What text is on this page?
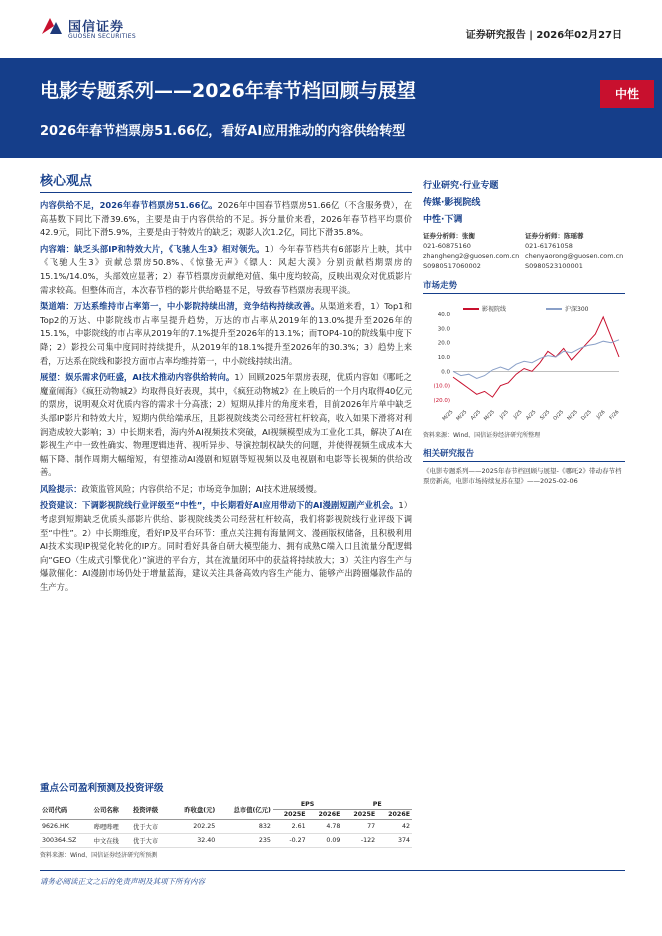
国信证券
GUOSEN SECURITIES	证券研究报告 | 2026年02月27日
电影专题系列——2026年春节档回顾与展望
2026年春节档票房51.66亿，看好AI应用推动的内容供给转型
中性
核心观点

内容供给不足，2026年春节档票房51.66亿。2026年中国春节档票房51.66亿（不含服务费），在高基数下同比下滑39.6%，主要是由于内容供给的不足。拆分量价来看，2026年春节档平均票价42.9元，同比下滑5.9%，主要是由于特效片的缺乏；观影人次1.2亿，同比下滑35.8%。

内容端：缺乏头部IP和特效大片，《飞驰人生3》相对领先。1）今年春节档共有6部影片上映，其中《飞驰人生3》贡献总票房50.8%、《惊蛰无声》《镖人：风起大漠》分别贡献档期票房的15.1%/14.0%，头部效应显著；2）春节档票房贡献绝对值、集中度均较高，反映出观众对优质影片需求较高。但整体而言，本次春节档的影片供给略显不足，导致春节档票房表现平淡。

渠道端：万达系维持市占率第一，中小影院持续出清，竞争结构持续改善。从渠道来看，1）Top1和Top2的万达、中影院线市占率呈提升趋势，万达的市占率从2019年的13.0%提升至2026年的15.1%，中影院线的市占率从2019年的7.1%提升至2026年的13.1%；而TOP4-10的院线集中度下降；2）影投公司集中度同时持续提升，从2019年的18.1%提升至2026年的30.3%；3）趋势上来看，万达系在院线和影投方面市占率均维持第一，中小院线持续出清。

展望：娱乐需求仍旺盛，AI技术推动内容供给转向。1）回顾2025年票房表现，优质内容如《哪吒之魔童闹海》《疯狂动物城2》均取得良好表现，其中，《疯狂动物城2》在上映后的一个月内取得40亿元的票房，说明观众对优质内容的需求十分高涨；2）短期从排片的角度来看，目前2026年片单中缺乏头部IP影片和特效大片，短期内供给端承压，且影视院线类公司经营杠杆较高，收入如果下滑将对利润造成较大影响；3）中长期来看，海内外AI视频技术突破，AI视频模型成为工业化工具，解决了AI在影视生产中一致性确实、物理逻辑违背、视听异步、导演控制权缺失的问题，并使得视频生成成本大幅下降、制作周期大幅缩短，有望推动AI漫剧和短剧等短视频以及电视剧和电影等长视频的供给改善。

风险提示：政策监管风险；内容供给不足；市场竞争加剧；AI技术进展缓慢。

投资建议：下调影视院线行业评级至“中性”，中长期看好AI应用带动下的AI漫剧短剧产业机会。1）考虑到短期缺乏优质头部影片供给、影视院线类公司经营杠杆较高，我们将影视院线行业评级下调至“中性”。2）中长期维度，看好IP及平台环节：重点关注拥有海量网文、漫画版权储备，且积极利用AI技术实现IP视觉化转化的IP方。同时看好具备自研大模型能力、拥有成熟C端入口且流量分配逻辑向“GEO（生成式引擎优化）”演进的平台方，其在流量闭环中的获益将持续放大；3）关注内容生产与爆款催化：AI漫剧市场仍处于增量蓝海，建议关注具备高效内容生产能力、能够产出跨圈爆款作品的生产方。

行业研究·行业专题
传媒·影视院线
中性·下调
证券分析师：张衡
021-60875160
zhangheng2@guosen.com.cn
S0980517060002
证券分析师：陈瑶蓉
021-61761058
chenyaorong@guosen.com.cn
S0980523100001
市场走势
影视院线	沪深300
40.0
30.0
20.0
10.0
0.0
(10.0)
(20.0)
M/25 M/25 A/25 M/25 J/25 J/25 A/25 S/25 O/25 N/25 D/25 J/26 F/26
资料来源：Wind、国信证券经济研究所整理
相关研究报告
《电影专题系列——2025年春节档回顾与展望-《哪吒2》带动春节档票房新高，电影市场持续复苏在望》——2025-02-06
重点公司盈利预测及投资评级
公司代码	公司名称	投资评级	昨收盘(元)	总市值(亿元)	EPS		PE	
					2025E	2026E	2025E	2026E
9626.HK	哔哩哔哩	优于大市	202.25	832	2.61	4.78	77	42
300364.SZ	中文在线	优于大市	32.40	235	-0.27	0.09	-122	374
资料来源：Wind、国信证券经济研究所预测
请务必阅读正文之后的免责声明及其项下所有内容
